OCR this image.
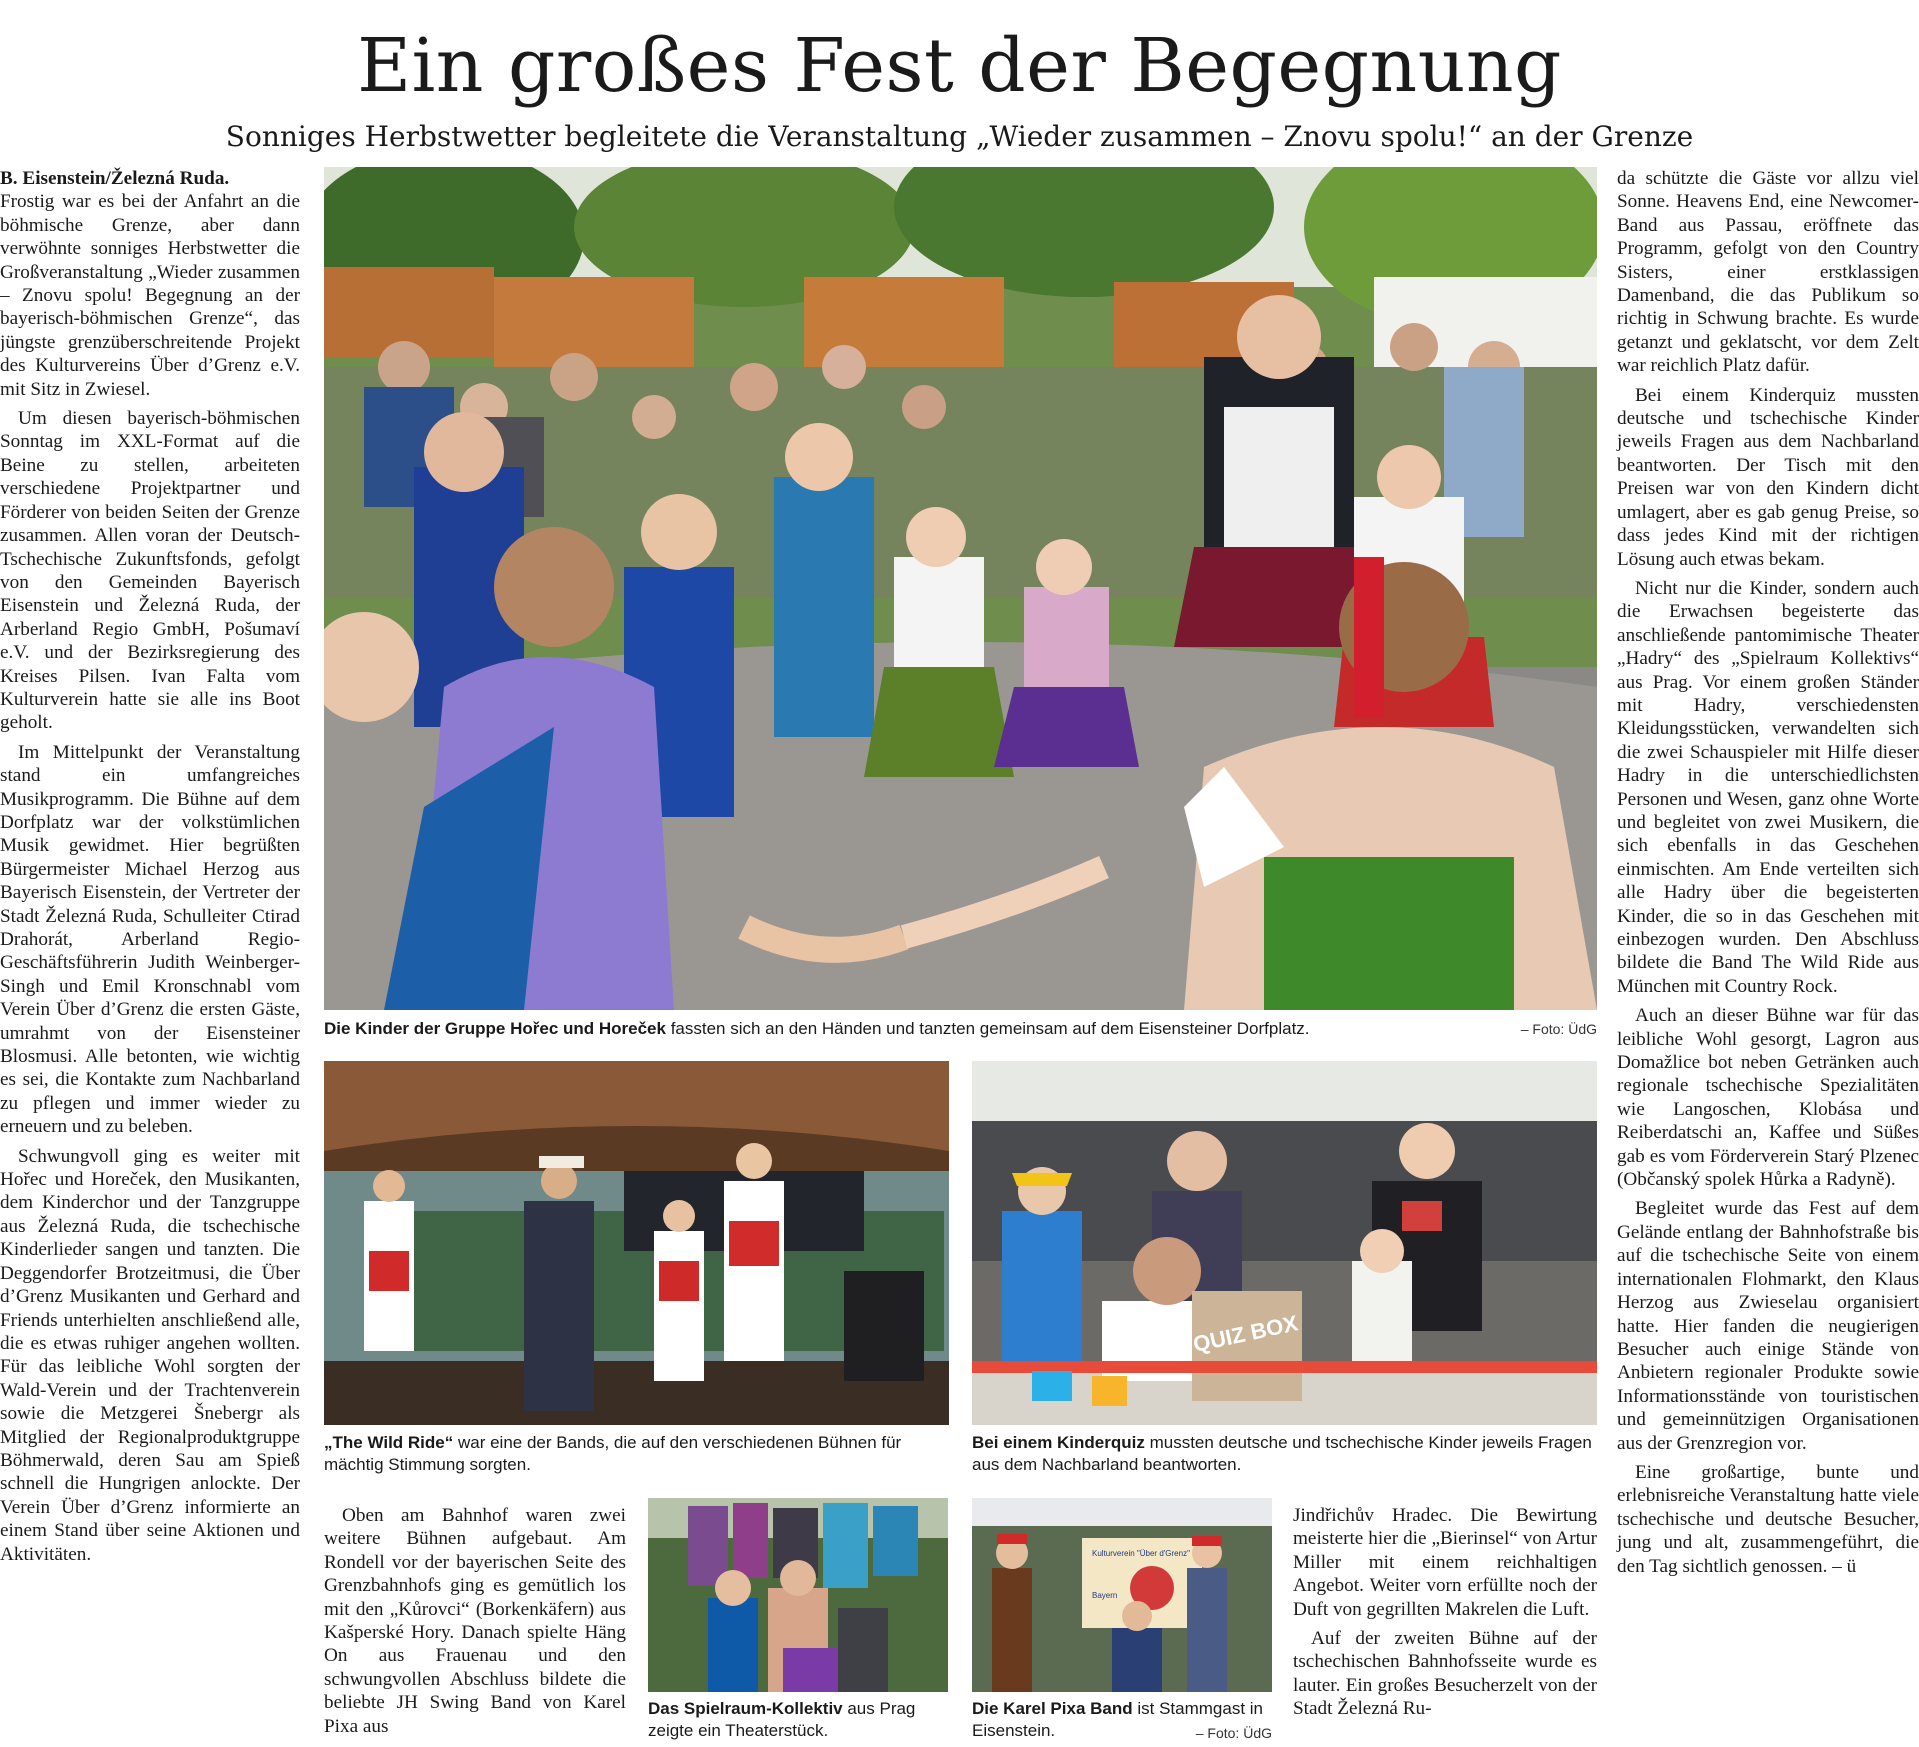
Ein großes Fest der Begegnung
Sonniges Herbstwetter begleitete die Veranstaltung „Wieder zusammen – Znovu spolu!“ an der Grenze

B. Eisenstein/Železná Ruda.
Frostig war es bei der Anfahrt an die böhmische Grenze, aber dann verwöhnte sonniges Herbstwetter die Großveranstaltung „Wieder zusammen – Znovu spolu! Begegnung an der bayerisch-böhmischen Grenze“, das jüngste grenzüberschreitende Projekt des Kulturvereins Über d’Grenz e.V. mit Sitz in Zwiesel.

Um diesen bayerisch-böhmischen Sonntag im XXL-Format auf die Beine zu stellen, arbeiteten verschiedene Projektpartner und Förderer von beiden Seiten der Grenze zusammen. Allen voran der Deutsch-Tschechische Zukunftsfonds, gefolgt von den Gemeinden Bayerisch Eisenstein und Železná Ruda, der Arberland Regio GmbH, Pošumaví e.V. und der Bezirksregierung des Kreises Pilsen. Ivan Falta vom Kulturverein hatte sie alle ins Boot geholt.

Im Mittelpunkt der Veranstaltung stand ein umfangreiches Musikprogramm. Die Bühne auf dem Dorfplatz war der volkstümlichen Musik gewidmet. Hier begrüßten Bürgermeister Michael Herzog aus Bayerisch Eisenstein, der Vertreter der Stadt Železná Ruda, Schulleiter Ctirad Drahorát, Arberland Regio-Geschäftsführerin Judith Weinberger-Singh und Emil Kronschnabl vom Verein Über d’Grenz die ersten Gäste, umrahmt von der Eisensteiner Blosmusi. Alle betonten, wie wichtig es sei, die Kontakte zum Nachbarland zu pflegen und immer wieder zu erneuern und zu beleben.

Schwungvoll ging es weiter mit Hořec und Horeček, den Musikanten, dem Kinderchor und der Tanzgruppe aus Železná Ruda, die tschechische Kinderlieder sangen und tanzten. Die Deggendorfer Brotzeitmusi, die Über d’Grenz Musikanten und Gerhard and Friends unterhielten anschließend alle, die es etwas ruhiger angehen wollten. Für das leibliche Wohl sorgten der Wald-Verein und der Trachtenverein sowie die Metzgerei Šnebergr als Mitglied der Regionalproduktgruppe Böhmerwald, deren Sau am Spieß schnell die Hungrigen anlockte. Der Verein Über d’Grenz informierte an einem Stand über seine Aktionen und Aktivitäten.

Die Kinder der Gruppe Hořec und Horeček fassten sich an den Händen und tanzten gemeinsam auf dem Eisensteiner Dorfplatz.	– Foto: ÜdG
„The Wild Ride“ war eine der Bands, die auf den verschiedenen Bühnen für mächtig Stimmung sorgten.
QUIZ BOX
Bei einem Kinderquiz mussten deutsche und tschechische Kinder jeweils Fragen aus dem Nachbarland beantworten.

Oben am Bahnhof waren zwei weitere Bühnen aufgebaut. Am Rondell vor der bayerischen Seite des Grenzbahnhofs ging es gemütlich los mit den „Kůrovci“ (Borkenkäfern) aus Kašperské Hory. Danach spielte Häng On aus Frauenau und den schwungvollen Abschluss bildete die beliebte JH Swing Band von Karel Pixa aus

Das Spielraum-Kollektiv aus Prag zeigte ein Theaterstück.
Kulturverein "Über d'Grenz"
Bayern
Die Karel Pixa Band ist Stammgast in Eisenstein.	– Foto: ÜdG

Jindřichův Hradec. Die Bewirtung meisterte hier die „Bierinsel“ von Artur Miller mit einem reichhaltigen Angebot. Weiter vorn erfüllte noch der Duft von gegrillten Makrelen die Luft.

Auf der zweiten Bühne auf der tschechischen Bahnhofsseite wurde es lauter. Ein großes Besucherzelt von der Stadt Železná Ru-

da schützte die Gäste vor allzu viel Sonne. Heavens End, eine Newcomer-Band aus Passau, eröffnete das Programm, gefolgt von den Country Sisters, einer erstklassigen Damenband, die das Publikum so richtig in Schwung brachte. Es wurde getanzt und geklatscht, vor dem Zelt war reichlich Platz dafür.

Bei einem Kinderquiz mussten deutsche und tschechische Kinder jeweils Fragen aus dem Nachbarland beantworten. Der Tisch mit den Preisen war von den Kindern dicht umlagert, aber es gab genug Preise, so dass jedes Kind mit der richtigen Lösung auch etwas bekam.

Nicht nur die Kinder, sondern auch die Erwachsen begeisterte das anschließende pantomimische Theater „Hadry“ des „Spielraum Kollektivs“ aus Prag. Vor einem großen Ständer mit Hadry, verschiedensten Kleidungsstücken, verwandelten sich die zwei Schauspieler mit Hilfe dieser Hadry in die unterschiedlichsten Personen und Wesen, ganz ohne Worte und begleitet von zwei Musikern, die sich ebenfalls in das Geschehen einmischten. Am Ende verteilten sich alle Hadry über die begeisterten Kinder, die so in das Geschehen mit einbezogen wurden. Den Abschluss bildete die Band The Wild Ride aus München mit Country Rock.

Auch an dieser Bühne war für das leibliche Wohl gesorgt, Lagron aus Domažlice bot neben Getränken auch regionale tschechische Spezialitäten wie Langoschen, Klobása und Reiberdatschi an, Kaffee und Süßes gab es vom Förderverein Starý Plzenec (Občanský spolek Hůrka a Radyně).

Begleitet wurde das Fest auf dem Gelände entlang der Bahnhofstraße bis auf die tschechische Seite von einem internationalen Flohmarkt, den Klaus Herzog aus Zwieselau organisiert hatte. Hier fanden die neugierigen Besucher auch einige Stände von Anbietern regionaler Produkte sowie Informationsstände von touristischen und gemeinnützigen Organisationen aus der Grenzregion vor.

Eine großartige, bunte und erlebnisreiche Veranstaltung hatte viele tschechische und deutsche Besucher, jung und alt, zusammengeführt, die den Tag sichtlich genossen. – ü
